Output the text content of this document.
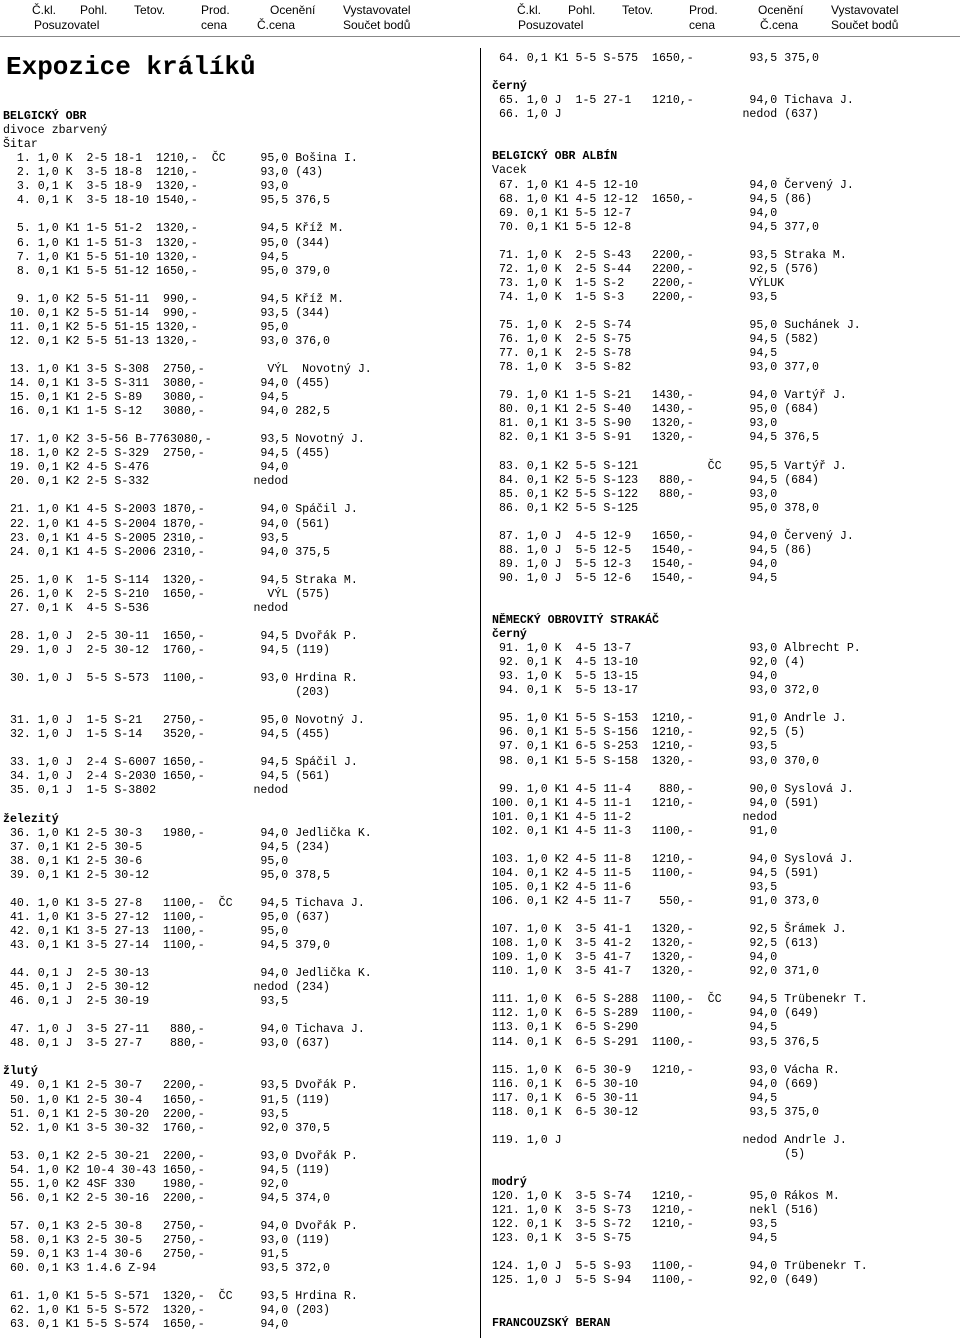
Č.kl. Pohl. Tetov.	Prod.	Ocenění Vystavovatel
Posuzovatel	cena Č.cena	Součet bodů
Č.kl. Pohl. Tetov.	Prod.	Ocenění Vystavovatel
Posuzovatel	cena	Č.cena	Součet bodů
Expozice králíků
BELGICKÝ OBR
divoce zbarvený
Šitar
1. 1,0 K  2-5 18-1  1210,-  ČC     95,0 Bošina I.
2. 1,0 K  3-5 18-8  1210,-         93,0 (43)
3. 0,1 K  3-5 18-9  1320,-         93,0
4. 0,1 K  3-5 18-10 1540,-         95,5 376,5
5. 1,0 K1 1-5 51-2  1320,-         94,5 Kříž M.
6. 1,0 K1 1-5 51-3  1320,-         95,0 (344)
7. 1,0 K1 5-5 51-10 1320,-         94,5
8. 0,1 K1 5-5 51-12 1650,-         95,0 379,0
9. 1,0 K2 5-5 51-11  990,-         94,5 Kříž M.
10. 0,1 K2 5-5 51-14  990,-         93,5 (344)
11. 0,1 K2 5-5 51-15 1320,-         95,0
12. 0,1 K2 5-5 51-13 1320,-         93,0 376,0
13. 1,0 K1 3-5 S-308  2750,-         VÝL  Novotný J.
14. 0,1 K1 3-5 S-311  3080,-        94,0 (455)
15. 0,1 K1 2-5 S-89   3080,-        94,5
16. 0,1 K1 1-5 S-12   3080,-        94,0 282,5
17. 1,0 K2 3-5-56 B-7763080,-       93,5 Novotný J.
18. 1,0 K2 2-5 S-329  2750,-        94,5 (455)
19. 0,1 K2 4-5 S-476                94,0
20. 0,1 K2 2-5 S-332               nedod
21. 1,0 K1 4-5 S-2003 1870,-        94,0 Spáčil J.
22. 1,0 K1 4-5 S-2004 1870,-        94,0 (561)
23. 0,1 K1 4-5 S-2005 2310,-        93,5
24. 0,1 K1 4-5 S-2006 2310,-        94,0 375,5
25. 1,0 K  1-5 S-114  1320,-        94,5 Straka M.
26. 1,0 K  2-5 S-210  1650,-         VÝL (575)
27. 0,1 K  4-5 S-536               nedod
28. 1,0 J  2-5 30-11  1650,-        94,5 Dvořák P.
29. 1,0 J  2-5 30-12  1760,-        94,5 (119)
30. 1,0 J  5-5 S-573  1100,-        93,0 Hrdina R.
(203)
31. 1,0 J  1-5 S-21   2750,-        95,0 Novotný J.
32. 1,0 J  1-5 S-14   3520,-        94,5 (455)
33. 1,0 J  2-4 S-6007 1650,-        94,5 Spáčil J.
34. 1,0 J  2-4 S-2030 1650,-        94,5 (561)
35. 0,1 J  1-5 S-3802              nedod
železitý
36. 1,0 K1 2-5 30-3   1980,-        94,0 Jedlička K.
37. 0,1 K1 2-5 30-5                 94,5 (234)
38. 0,1 K1 2-5 30-6                 95,0
39. 0,1 K1 2-5 30-12                95,0 378,5
40. 1,0 K1 3-5 27-8   1100,-  ČC    94,5 Tichava J.
41. 1,0 K1 3-5 27-12  1100,-        95,0 (637)
42. 0,1 K1 3-5 27-13  1100,-        95,0
43. 0,1 K1 3-5 27-14  1100,-        94,5 379,0
44. 0,1 J  2-5 30-13                94,0 Jedlička K.
45. 0,1 J  2-5 30-12               nedod (234)
46. 0,1 J  2-5 30-19                93,5
47. 1,0 J  3-5 27-11   880,-        94,0 Tichava J.
48. 0,1 J  3-5 27-7    880,-        93,0 (637)
žlutý
49. 0,1 K1 2-5 30-7   2200,-        93,5 Dvořák P.
50. 1,0 K1 2-5 30-4   1650,-        91,5 (119)
51. 0,1 K1 2-5 30-20  2200,-        93,5
52. 1,0 K1 3-5 30-32  1760,-        92,0 370,5
53. 0,1 K2 2-5 30-21  2200,-        93,0 Dvořák P.
54. 1,0 K2 10-4 30-43 1650,-        94,5 (119)
55. 1,0 K2 4SF 330    1980,-        92,0
56. 0,1 K2 2-5 30-16  2200,-        94,5 374,0
57. 0,1 K3 2-5 30-8   2750,-        94,0 Dvořák P.
58. 0,1 K3 2-5 30-5   2750,-        93,0 (119)
59. 0,1 K3 1-4 30-6   2750,-        91,5
60. 0,1 K3 1.4.6 Z-94               93,5 372,0
61. 1,0 K1 5-5 S-571  1320,-  ČC    93,5 Hrdina R.
62. 1,0 K1 5-5 S-572  1320,-        94,0 (203)
63. 0,1 K1 5-5 S-574  1650,-        94,0
64. 0,1 K1 5-5 S-575  1650,-        93,5 375,0
černý
65. 1,0 J  1-5 27-1   1210,-        94,0 Tichava J.
66. 1,0 J                          nedod (637)
BELGICKÝ OBR ALBÍN
Vacek
67. 1,0 K1 4-5 12-10                94,0 Červený J.
68. 1,0 K1 4-5 12-12  1650,-        94,5 (86)
69. 0,1 K1 5-5 12-7                 94,0
70. 0,1 K1 5-5 12-8                 94,5 377,0
71. 1,0 K  2-5 S-43   2200,-        93,5 Straka M.
72. 1,0 K  2-5 S-44   2200,-        92,5 (576)
73. 1,0 K  1-5 S-2    2200,-        VÝLUK
74. 1,0 K  1-5 S-3    2200,-        93,5
75. 1,0 K  2-5 S-74                 95,0 Suchánek J.
76. 1,0 K  2-5 S-75                 94,5 (582)
77. 0,1 K  2-5 S-78                 94,5
78. 1,0 K  3-5 S-82                 93,0 377,0
79. 1,0 K1 1-5 S-21   1430,-        94,0 Vartýř J.
80. 0,1 K1 2-5 S-40   1430,-        95,0 (684)
81. 0,1 K1 3-5 S-90   1320,-        93,0
82. 0,1 K1 3-5 S-91   1320,-        94,5 376,5
83. 0,1 K2 5-5 S-121          ČC    95,5 Vartýř J.
84. 0,1 K2 5-5 S-123   880,-        94,5 (684)
85. 0,1 K2 5-5 S-122   880,-        93,0
86. 0,1 K2 5-5 S-125                95,0 378,0
87. 1,0 J  4-5 12-9   1650,-        94,0 Červený J.
88. 1,0 J  5-5 12-5   1540,-        94,5 (86)
89. 1,0 J  5-5 12-3   1540,-        94,0
90. 1,0 J  5-5 12-6   1540,-        94,5
NĚMECKÝ OBROVITÝ STRAKÁČ
černý
91. 1,0 K  4-5 13-7                 93,0 Albrecht P.
92. 0,1 K  4-5 13-10                92,0 (4)
93. 1,0 K  5-5 13-15                94,0
94. 0,1 K  5-5 13-17                93,0 372,0
95. 1,0 K1 5-5 S-153  1210,-        91,0 Andrle J.
96. 0,1 K1 5-5 S-156  1210,-        92,5 (5)
97. 0,1 K1 6-5 S-253  1210,-        93,5
98. 0,1 K1 5-5 S-158  1320,-        93,0 370,0
99. 1,0 K1 4-5 11-4    880,-        90,0 Syslová J.
100. 0,1 K1 4-5 11-1   1210,-        94,0 (591)
101. 0,1 K1 4-5 11-2                nedod
102. 0,1 K1 4-5 11-3   1100,-        91,0
103. 1,0 K2 4-5 11-8   1210,-        94,0 Syslová J.
104. 0,1 K2 4-5 11-5   1100,-        94,5 (591)
105. 0,1 K2 4-5 11-6                 93,5
106. 0,1 K2 4-5 11-7    550,-        91,0 373,0
107. 1,0 K  3-5 41-1   1320,-        92,5 Šrámek J.
108. 1,0 K  3-5 41-2   1320,-        92,5 (613)
109. 1,0 K  3-5 41-7   1320,-        94,0
110. 1,0 K  3-5 41-7   1320,-        92,0 371,0
111. 1,0 K  6-5 S-288  1100,-  ČC    94,5 Trübenekr T.
112. 1,0 K  6-5 S-289  1100,-        94,0 (649)
113. 0,1 K  6-5 S-290                94,5
114. 0,1 K  6-5 S-291  1100,-        93,5 376,5
115. 1,0 K  6-5 30-9   1210,-        93,0 Vácha R.
116. 0,1 K  6-5 30-10                94,0 (669)
117. 0,1 K  6-5 30-11                94,5
118. 0,1 K  6-5 30-12                93,5 375,0
119. 1,0 J                          nedod Andrle J.
(5)
modrý
120. 1,0 K  3-5 S-74   1210,-        95,0 Rákos M.
121. 1,0 K  3-5 S-73   1210,-        nekl (516)
122. 0,1 K  3-5 S-72   1210,-        93,5
123. 0,1 K  3-5 S-75                 94,5
124. 1,0 J  5-5 S-93   1100,-        94,0 Trübenekr T.
125. 1,0 J  5-5 S-94   1100,-        92,0 (649)
FRANCOUZSKÝ BERAN
